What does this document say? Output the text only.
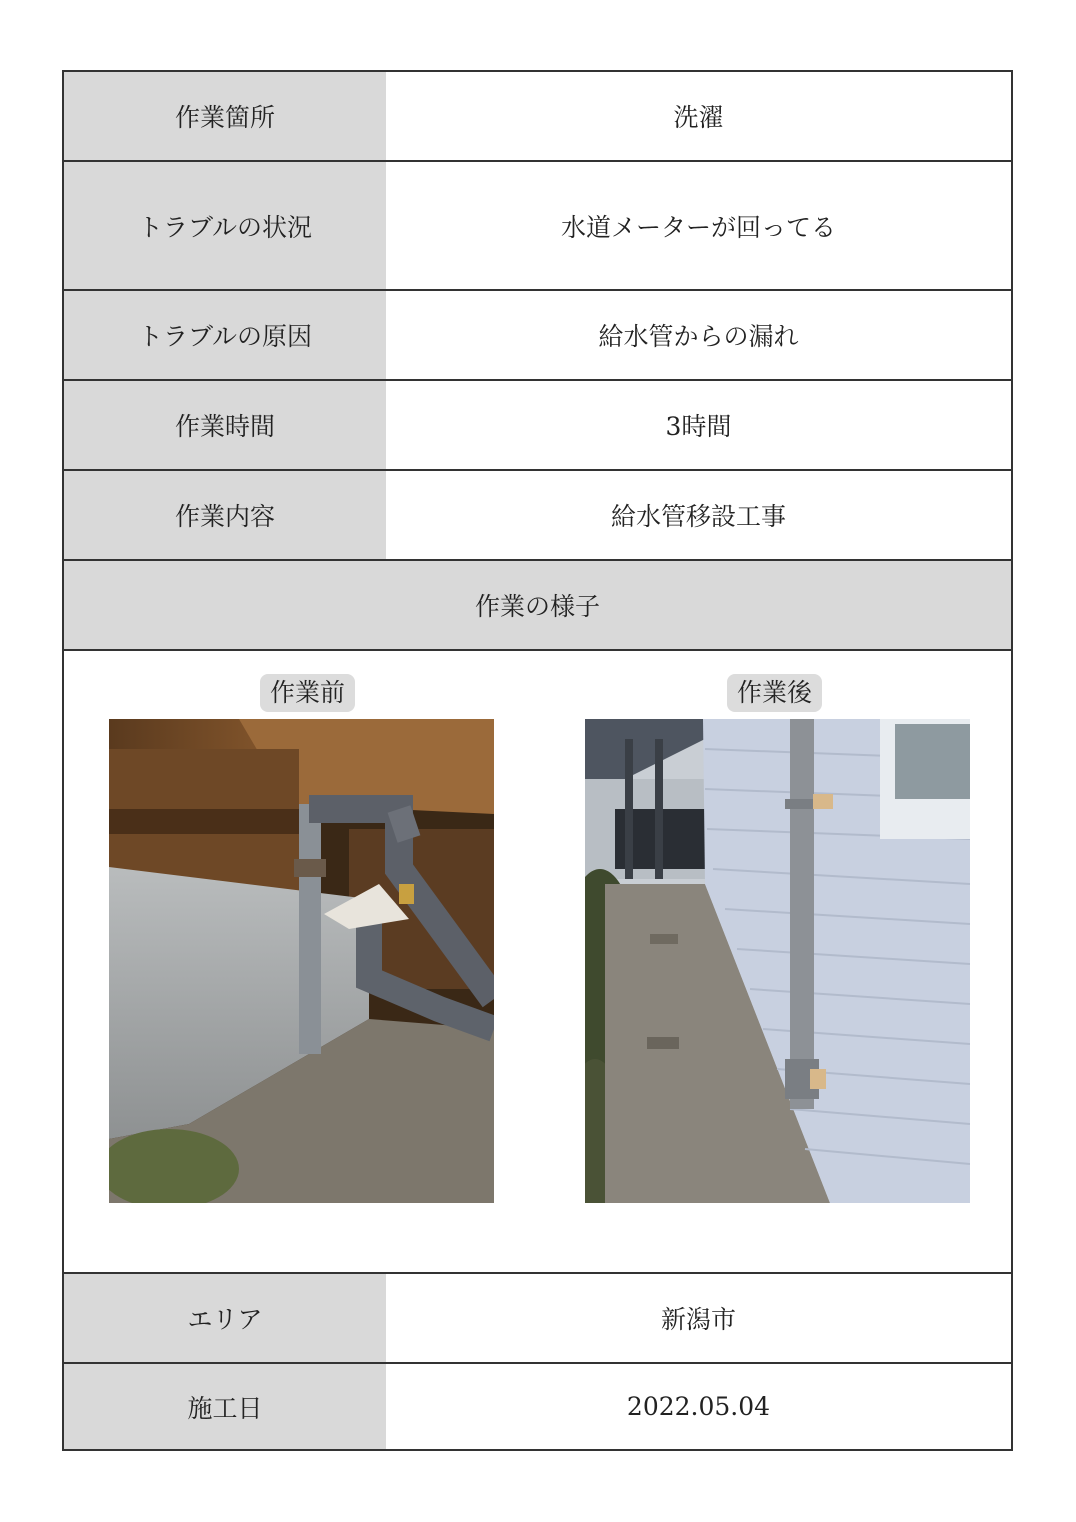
作業箇所	洗濯
トラブルの状況	水道メーターが回ってる
トラブルの原因	給水管からの漏れ
作業時間	3時間
作業内容	給水管移設工事
作業の様子
作業前	作業後
エリア	新潟市
施工日	2022.05.04
